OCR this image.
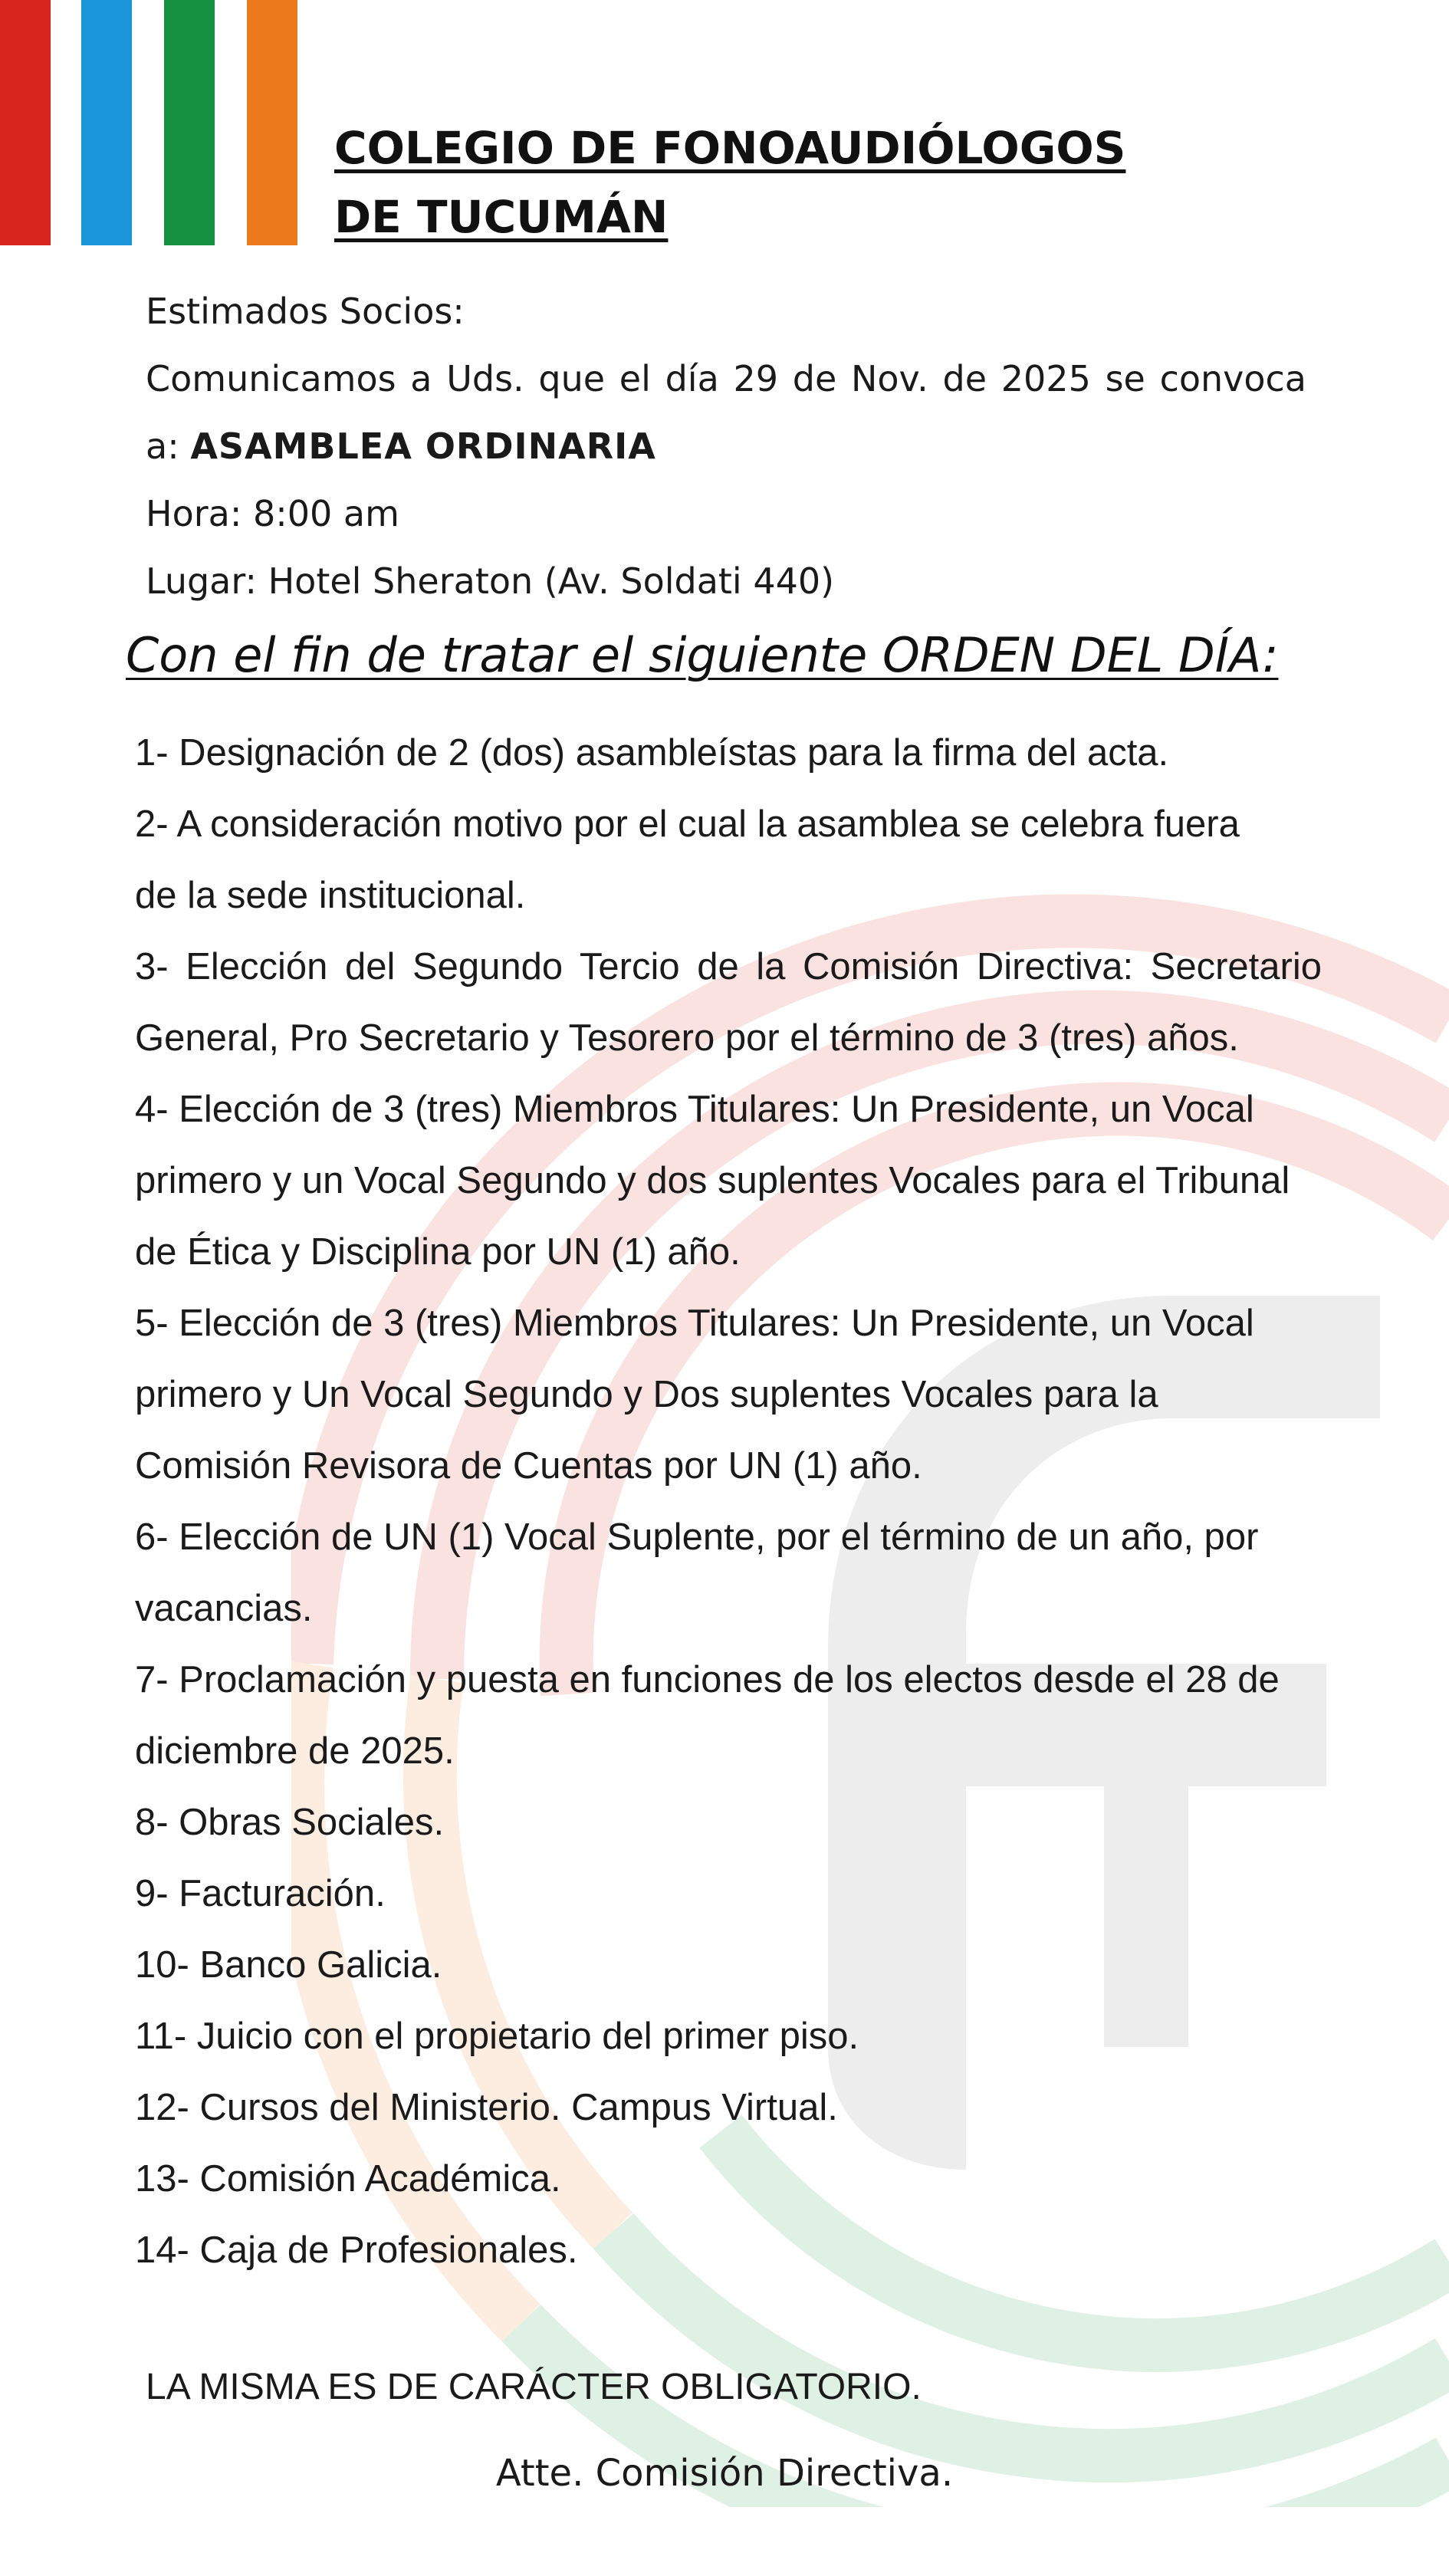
COLEGIO DE FONOAUDIÓLOGOS
DE TUCUMÁN

Estimados Socios:

Comunicamos a Uds. que el día 29 de Nov. de 2025 se convoca a: ASAMBLEA ORDINARIA

Hora: 8:00 am

Lugar: Hotel Sheraton (Av. Soldati 440)

Con el fin de tratar el siguiente ORDEN DEL DÍA:
1- Designación de 2 (dos) asambleístas para la firma del acta.
2- A consideración motivo por el cual la asamblea se celebra fuera de la sede institucional.
3- Elección del Segundo Tercio de la Comisión Directiva: Secretario General, Pro Secretario y Tesorero por el término de 3 (tres) años.
4- Elección de 3 (tres) Miembros Titulares: Un Presidente, un Vocal primero y un Vocal Segundo y dos suplentes Vocales para el Tribunal de Ética y Disciplina por UN (1) año.
5- Elección de 3 (tres) Miembros Titulares: Un Presidente, un Vocal primero y Un Vocal Segundo y Dos suplentes Vocales para la Comisión Revisora de Cuentas por UN (1) año.
6- Elección de UN (1) Vocal Suplente, por el término de un año, por vacancias.
7- Proclamación y puesta en funciones de los electos desde el 28 de diciembre de 2025.
8- Obras Sociales.
9- Facturación.
10- Banco Galicia.
11- Juicio con el propietario del primer piso.
12- Cursos del Ministerio. Campus Virtual.
13- Comisión Académica.
14- Caja de Profesionales.

LA MISMA ES DE CARÁCTER OBLIGATORIO.

Atte. Comisión Directiva.
